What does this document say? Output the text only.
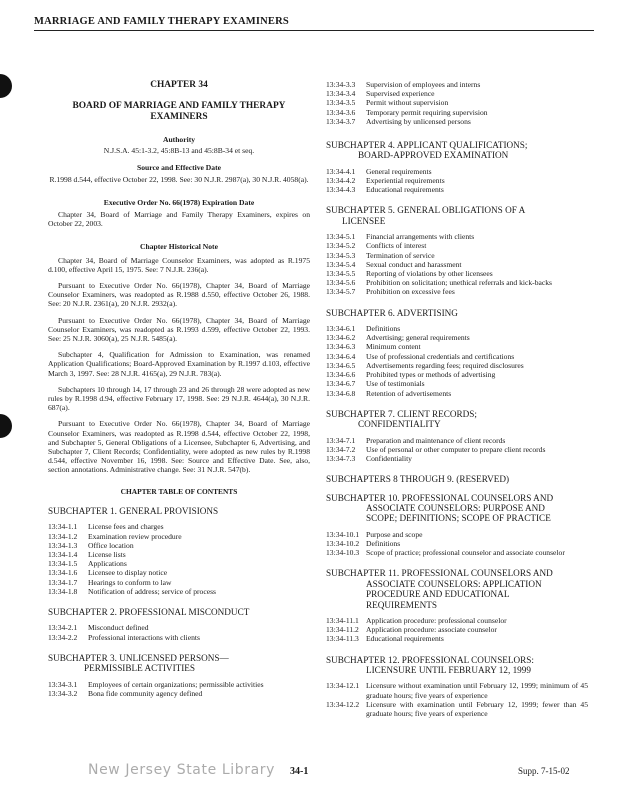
MARRIAGE AND FAMILY THERAPY EXAMINERS
CHAPTER 34
BOARD OF MARRIAGE AND FAMILY THERAPY EXAMINERS
Authority
N.J.S.A. 45:1-3.2, 45:8B-13 and 45:8B-34 et seq.
Source and Effective Date
R.1998 d.544, effective October 22, 1998. See: 30 N.J.R. 2987(a), 30 N.J.R. 4058(a).
Executive Order No. 66(1978) Expiration Date
Chapter 34, Board of Marriage and Family Therapy Examiners, expires on October 22, 2003.
Chapter Historical Note
Chapter 34, Board of Marriage Counselor Examiners, was adopted as R.1975 d.100, effective April 15, 1975. See: 7 N.J.R. 236(a).
Pursuant to Executive Order No. 66(1978), Chapter 34, Board of Marriage Counselor Examiners, was readopted as R.1988 d.550, effective October 26, 1988. See: 20 N.J.R. 2361(a), 20 N.J.R. 2932(a).
Pursuant to Executive Order No. 66(1978), Chapter 34, Board of Marriage Counselor Examiners, was readopted as R.1993 d.599, effective October 22, 1993. See: 25 N.J.R. 3060(a), 25 N.J.R. 5485(a).
Subchapter 4, Qualification for Admission to Examination, was renamed Application Qualifications; Board-Approved Examination by R.1997 d.103, effective March 3, 1997. See: 28 N.J.R. 4165(a), 29 N.J.R. 783(a).
Subchapters 10 through 14, 17 through 23 and 26 through 28 were adopted as new rules by R.1998 d.94, effective February 17, 1998. See: 29 N.J.R. 4644(a), 30 N.J.R. 687(a).
Pursuant to Executive Order No. 66(1978), Chapter 34, Board of Marriage Counselor Examiners, was readopted as R.1998 d.544, effective October 22, 1998, and Subchapter 5, General Obligations of a Licensee, Subchapter 6, Advertising, and Subchapter 7, Client Records; Confidentiality, were adopted as new rules by R.1998 d.544, effective November 16, 1998. See: Source and Effective Date. See, also, section annotations. Administrative change. See: 31 N.J.R. 547(b).
CHAPTER TABLE OF CONTENTS
SUBCHAPTER 1. GENERAL PROVISIONS
13:34-1.1	License fees and charges
13:34-1.2	Examination review procedure
13:34-1.3	Office location
13:34-1.4	License lists
13:34-1.5	Applications
13:34-1.6	Licensee to display notice
13:34-1.7	Hearings to conform to law
13:34-1.8	Notification of address; service of process
SUBCHAPTER 2. PROFESSIONAL MISCONDUCT
13:34-2.1	Misconduct defined
13:34-2.2	Professional interactions with clients
SUBCHAPTER 3. UNLICENSED PERSONS—
PERMISSIBLE ACTIVITIES
13:34-3.1	Employees of certain organizations; permissible activities
13:34-3.2	Bona fide community agency defined
13:34-3.3	Supervision of employees and interns
13:34-3.4	Supervised experience
13:34-3.5	Permit without supervision
13:34-3.6	Temporary permit requiring supervision
13:34-3.7	Advertising by unlicensed persons
SUBCHAPTER 4. APPLICANT QUALIFICATIONS;
BOARD-APPROVED EXAMINATION
13:34-4.1	General requirements
13:34-4.2	Experiential requirements
13:34-4.3	Educational requirements
SUBCHAPTER 5. GENERAL OBLIGATIONS OF A
LICENSEE
13:34-5.1	Financial arrangements with clients
13:34-5.2	Conflicts of interest
13:34-5.3	Termination of service
13:34-5.4	Sexual conduct and harassment
13:34-5.5	Reporting of violations by other licensees
13:34-5.6	Prohibition on solicitation; unethical referrals and kick-backs
13:34-5.7	Prohibition on excessive fees
SUBCHAPTER 6. ADVERTISING
13:34-6.1	Definitions
13:34-6.2	Advertising; general requirements
13:34-6.3	Minimum content
13:34-6.4	Use of professional credentials and certifications
13:34-6.5	Advertisements regarding fees; required disclosures
13:34-6.6	Prohibited types or methods of advertising
13:34-6.7	Use of testimonials
13:34-6.8	Retention of advertisements
SUBCHAPTER 7. CLIENT RECORDS;
CONFIDENTIALITY
13:34-7.1	Preparation and maintenance of client records
13:34-7.2	Use of personal or other computer to prepare client records
13:34-7.3	Confidentiality
SUBCHAPTERS 8 THROUGH 9. (RESERVED)
SUBCHAPTER 10. PROFESSIONAL COUNSELORS AND
ASSOCIATE COUNSELORS: PURPOSE AND
SCOPE; DEFINITIONS; SCOPE OF PRACTICE
13:34-10.1 Purpose and scope
13:34-10.2 Definitions
13:34-10.3 Scope of practice; professional counselor and associate counselor
SUBCHAPTER 11. PROFESSIONAL COUNSELORS AND
ASSOCIATE COUNSELORS: APPLICATION
PROCEDURE AND EDUCATIONAL
REQUIREMENTS
13:34-11.1 Application procedure: professional counselor
13:34-11.2 Application procedure: associate counselor
13:34-11.3 Educational requirements
SUBCHAPTER 12. PROFESSIONAL COUNSELORS:
LICENSURE UNTIL FEBRUARY 12, 1999
13:34-12.1 Licensure without examination until February 12, 1999; minimum of 45 graduate hours; five years of experience
13:34-12.2 Licensure with examination until February 12, 1999; fewer than 45 graduate hours; five years of experience
New Jersey State Library 34-1	Supp. 7-15-02
